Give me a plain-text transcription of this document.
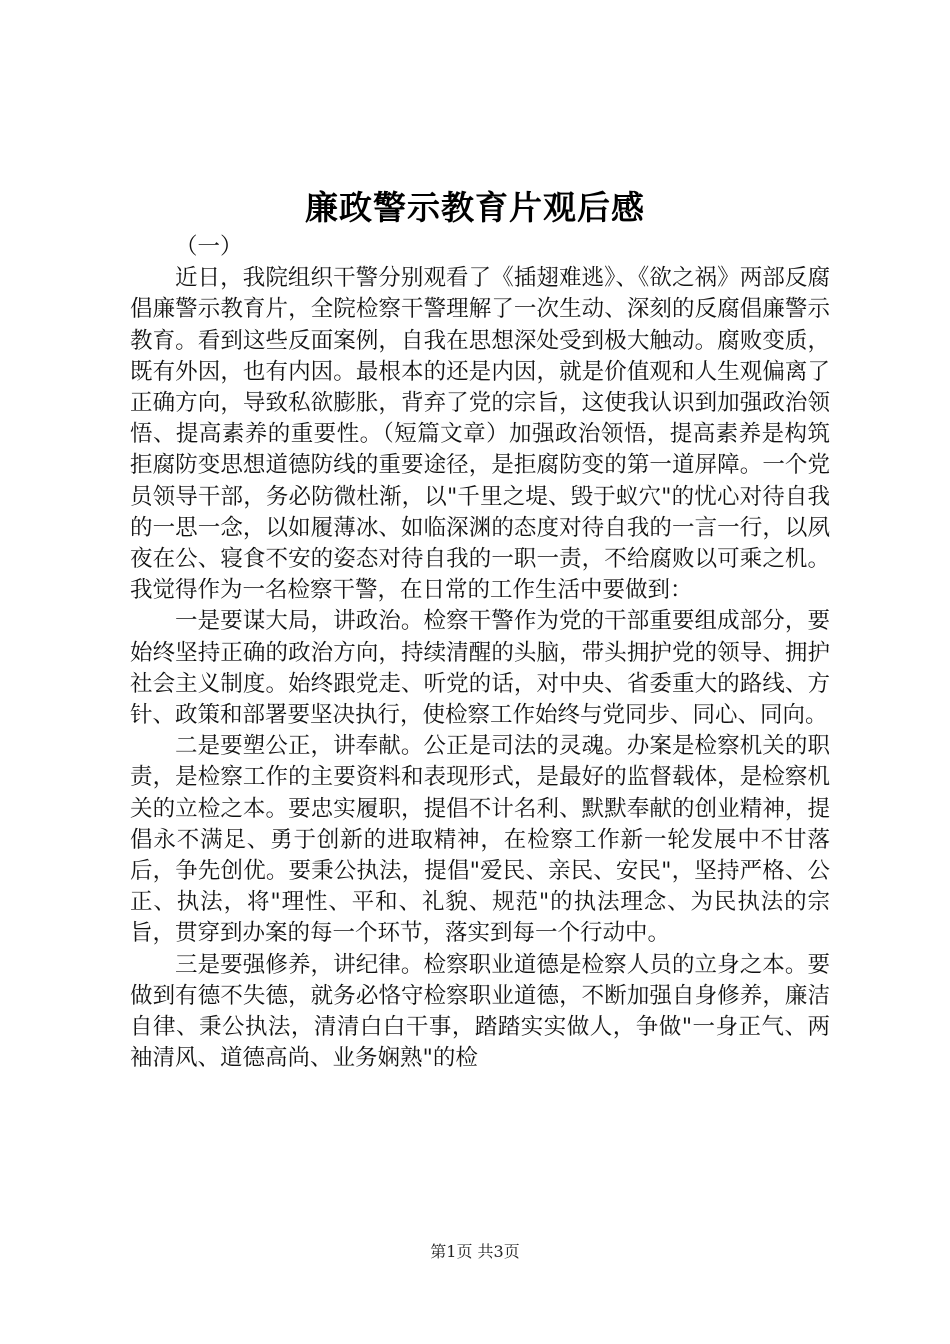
廉政警示教育片观后感

（一）

近日，我院组织干警分别观看了《插翅难逃》、《欲之祸》两部反腐倡廉警示教育片，全院检察干警理解了一次生动、深刻的反腐倡廉警示教育。看到这些反面案例，自我在思想深处受到极大触动。腐败变质，既有外因，也有内因。最根本的还是内因，就是价值观和人生观偏离了正确方向，导致私欲膨胀，背弃了党的宗旨，这使我认识到加强政治领悟、提高素养的重要性。（短篇文章）加强政治领悟，提高素养是构筑拒腐防变思想道德防线的重要途径，是拒腐防变的第一道屏障。一个党员领导干部，务必防微杜渐，以"千里之堤、毁于蚁穴"的忧心对待自我的一思一念，以如履薄冰、如临深渊的态度对待自我的一言一行，以夙夜在公、寝食不安的姿态对待自我的一职一责，不给腐败以可乘之机。我觉得作为一名检察干警，在日常的工作生活中要做到：

一是要谋大局，讲政治。检察干警作为党的干部重要组成部分，要始终坚持正确的政治方向，持续清醒的头脑，带头拥护党的领导、拥护社会主义制度。始终跟党走、听党的话，对中央、省委重大的路线、方针、政策和部署要坚决执行，使检察工作始终与党同步、同心、同向。

二是要塑公正，讲奉献。公正是司法的灵魂。办案是检察机关的职责，是检察工作的主要资料和表现形式，是最好的监督载体，是检察机关的立检之本。要忠实履职，提倡不计名利、默默奉献的创业精神，提倡永不满足、勇于创新的进取精神，在检察工作新一轮发展中不甘落后，争先创优。要秉公执法，提倡"爱民、亲民、安民"，坚持严格、公正、执法，将"理性、平和、礼貌、规范"的执法理念、为民执法的宗旨，贯穿到办案的每一个环节，落实到每一个行动中。

三是要强修养，讲纪律。检察职业道德是检察人员的立身之本。要做到有德不失德，就务必恪守检察职业道德，不断加强自身修养，廉洁自律、秉公执法，清清白白干事，踏踏实实做人，争做"一身正气、两袖清风、道德高尚、业务娴熟"的检

第1页 共3页
